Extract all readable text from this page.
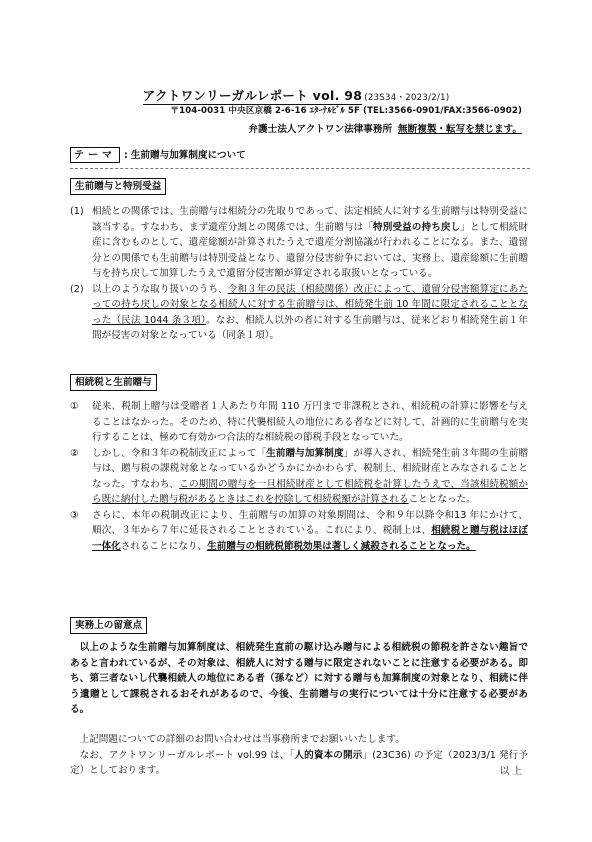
アクトワンリーガルレポート vol. 98 (23S34・2023/2/1)
〒104-0031 中央区京橋 2-6-16 ｴﾀｰﾅﾙﾋﾞﾙ 5F (TEL:3566-0901/FAX:3566-0902)
弁護士法人アクトワン法律事務所 無断複製・転写を禁じます。
テーマ : 生前贈与加算制度について
生前贈与と特別受益
(1) 相続との関係では、生前贈与は相続分の先取りであって、法定相続人に対する生前贈与は特別受益に該当する。すなわち、まず遺産分割との関係では、生前贈与は「特別受益の持ち戻し」として相続財産に含むものとして、遺産総額が計算されたうえで遺産分割協議が行われることになる。また、遺留分との関係でも生前贈与は特別受益となり、遺留分侵害紛争においては、実務上、遺産総額に生前贈与を持ち戻して加算したうえで遺留分侵害額が算定される取扱いとなっている。

(2) 以上のような取り扱いのうち、令和３年の民法（相続関係）改正によって、遺留分侵害額算定にあたっての持ち戻しの対象となる相続人に対する生前贈与は、相続発生前 10 年間に限定されることとなった（民法 1044 条３項）。なお、相続人以外の者に対する生前贈与は、従来どおり相続発生前１年間が侵害の対象となっている（同条１項）。

相続税と生前贈与
① 従来、税制上贈与は受贈者１人あたり年間 110 万円まで非課税とされ、相続税の計算に影響を与えることはなかった。そのため、特に代襲相続人の地位にある者などに対して、計画的に生前贈与を実行することは、極めて有効かつ合法的な相続税の節税手段となっていた。

② しかし、令和３年の税制改正によって「生前贈与加算制度」が導入され、相続発生前３年間の生前贈与は、贈与税の課税対象となっているかどうかにかかわらず、税制上、相続財産とみなされることとなった。すなわち、この期間の贈与を一旦相続財産として相続税を計算したうえで、当該相続税額から既に納付した贈与税があるときはこれを控除して相続税額が計算されることとなった。

③ さらに、本年の税制改正により、生前贈与の加算の対象期間は、令和９年以降令和13 年にかけて、順次、３年から７年に延長されることとされている。これにより、税制上は、相続税と贈与税はほぼ一体化されることになり、生前贈与の相続税節税効果は著しく減殺されることとなった。

実務上の留意点

以上のような生前贈与加算制度は、相続発生直前の駆け込み贈与による相続税の節税を許さない趣旨であると言われているが、その対象は、相続人に対する贈与に限定されないことに注意する必要がある。即ち、第三者ないし代襲相続人の地位にある者（孫など）に対する贈与も加算制度の対象となり、相続に伴う遺贈として課税されるおそれがあるので、今後、生前贈与の実行については十分に注意する必要がある。

上記問題についての詳細のお問い合わせは当事務所までお願いいたします。

なお、アクトワンリーガルレポート vol.99 は、「人的資本の開示」(23C36) の予定（2023/3/1 発行予定）としております。	以 上
